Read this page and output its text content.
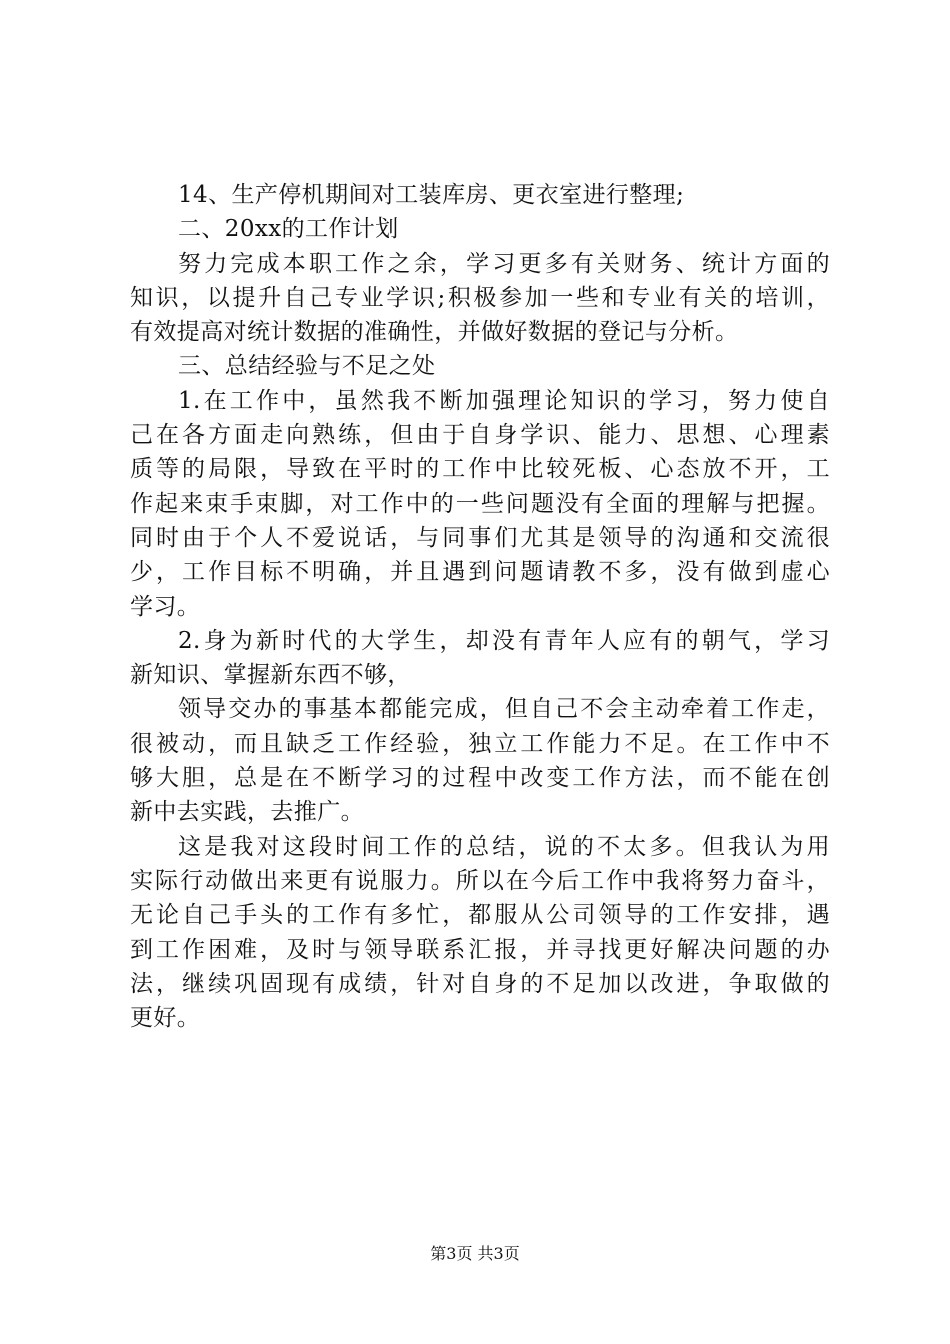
14、生产停机期间对工装库房、更衣室进行整理;
二、20xx的工作计划
努力完成本职工作之余，学习更多有关财务、统计方面的
知识，以提升自己专业学识;积极参加一些和专业有关的培训，
有效提高对统计数据的准确性，并做好数据的登记与分析。
三、总结经验与不足之处
1.在工作中，虽然我不断加强理论知识的学习，努力使自
己在各方面走向熟练，但由于自身学识、能力、思想、心理素
质等的局限，导致在平时的工作中比较死板、心态放不开，工
作起来束手束脚，对工作中的一些问题没有全面的理解与把握。
同时由于个人不爱说话，与同事们尤其是领导的沟通和交流很
少，工作目标不明确，并且遇到问题请教不多，没有做到虚心
学习。
2.身为新时代的大学生，却没有青年人应有的朝气，学习
新知识、掌握新东西不够，
领导交办的事基本都能完成，但自己不会主动牵着工作走，
很被动，而且缺乏工作经验，独立工作能力不足。在工作中不
够大胆，总是在不断学习的过程中改变工作方法，而不能在创
新中去实践，去推广。
这是我对这段时间工作的总结，说的不太多。但我认为用
实际行动做出来更有说服力。所以在今后工作中我将努力奋斗，
无论自己手头的工作有多忙，都服从公司领导的工作安排，遇
到工作困难，及时与领导联系汇报，并寻找更好解决问题的办
法，继续巩固现有成绩，针对自身的不足加以改进，争取做的
更好。
第3页 共3页
